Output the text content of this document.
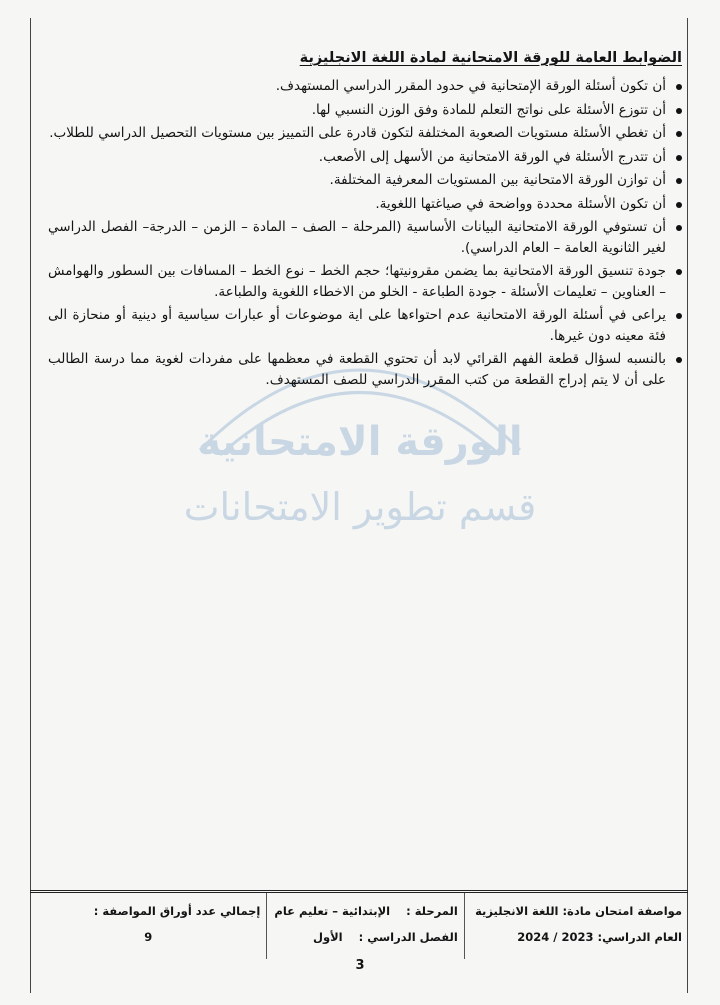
الورقة الامتحانية
قسم تطوير الامتحانات
الضوابط العامة للورقة الامتحانية لمادة اللغة الانجليزية
أن تكون أسئلة الورقة الإمتحانية في حدود المقرر الدراسي المستهدف.
أن تتوزع الأسئلة على نواتج التعلم للمادة وفق الوزن النسبي لها.
أن تغطي الأسئلة مستويات الصعوبة المختلفة لتكون قادرة على التمييز بين مستويات التحصيل الدراسي للطلاب.
أن تتدرج الأسئلة في الورقة الامتحانية من الأسهل إلى الأصعب.
أن توازن الورقة الامتحانية بين المستويات المعرفية المختلفة.
أن تكون الأسئلة محددة وواضحة في صياغتها اللغوية.
أن تستوفي الورقة الامتحانية البيانات الأساسية (المرحلة – الصف – المادة – الزمن – الدرجة– الفصل الدراسي لغير الثانوية العامة – العام الدراسي).
جودة تنسيق الورقة الامتحانية بما يضمن مقرونيتها؛ حجم الخط – نوع الخط – المسافات بين السطور والهوامش – العناوين – تعليمات الأسئلة - جودة الطباعة - الخلو من الاخطاء اللغوية والطباعة.
يراعى في أسئلة الورقة الامتحانية عدم احتواءها على اية موضوعات أو عبارات سياسية أو دينية أو منحازة الى فئة معينه دون غيرها.
بالنسبه لسؤال قطعة الفهم القرائي لابد أن تحتوي القطعة في معظمها على مفردات لغوية مما درسة الطالب على أن لا يتم إدراج القطعة من كتب المقرر الدراسي للصف المستهدف.
مواصفة امتحان مادة: اللغة الانجليزية
العام الدراسي: 2023 / 2024

المرحلة :    الإبتدائية – تعليم عام
الفصل الدراسي :    الأول

إجمالي عدد أوراق المواصفة :
9
3
